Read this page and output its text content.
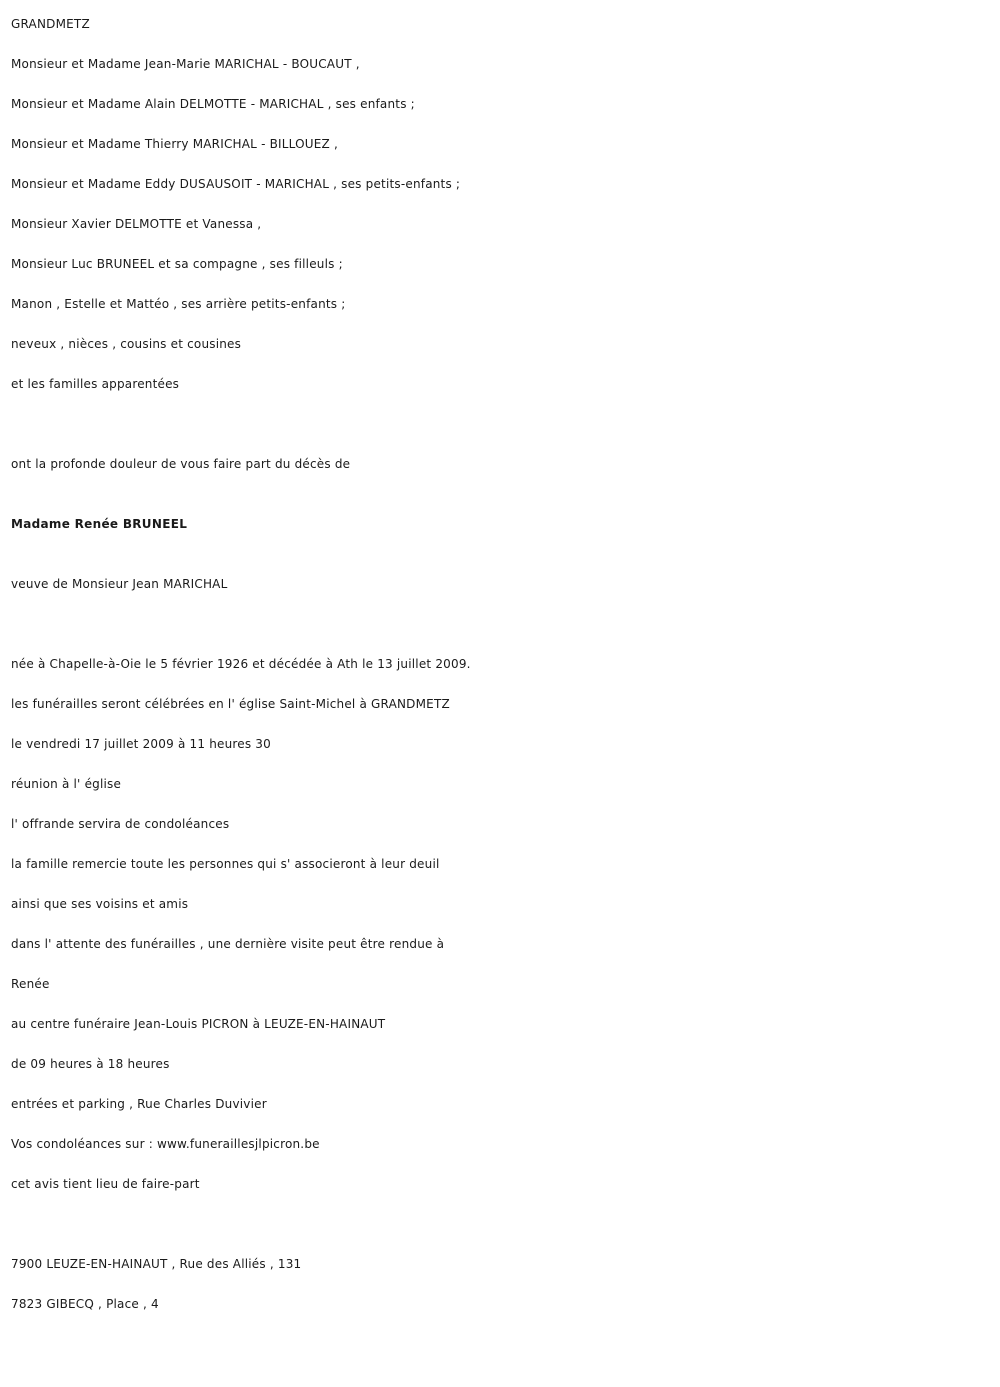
GRANDMETZ
Monsieur et Madame Jean-Marie MARICHAL - BOUCAUT ,
Monsieur et Madame Alain DELMOTTE - MARICHAL , ses enfants ;
Monsieur et Madame Thierry MARICHAL - BILLOUEZ ,
Monsieur et Madame Eddy DUSAUSOIT - MARICHAL , ses petits-enfants ;
Monsieur Xavier DELMOTTE et Vanessa ,
Monsieur Luc BRUNEEL et sa compagne , ses filleuls ;
Manon , Estelle et Mattéo , ses arrière petits-enfants ;
neveux , nièces , cousins et cousines
et les familles apparentées
ont la profonde douleur de vous faire part du décès de
Madame Renée BRUNEEL
veuve de Monsieur Jean MARICHAL
née à Chapelle-à-Oie le 5 février 1926 et décédée à Ath le 13 juillet 2009.
les funérailles seront célébrées en l' église Saint-Michel à GRANDMETZ
le vendredi 17 juillet 2009 à 11 heures 30
réunion à l' église
l' offrande servira de condoléances
la famille remercie toute les personnes qui s' associeront à leur deuil
ainsi que ses voisins et amis
dans l' attente des funérailles , une dernière visite peut être rendue à
Renée
au centre funéraire Jean-Louis PICRON à LEUZE-EN-HAINAUT
de 09 heures à 18 heures
entrées et parking , Rue Charles Duvivier
Vos condoléances sur : www.funeraillesjlpicron.be
cet avis tient lieu de faire-part
7900 LEUZE-EN-HAINAUT , Rue des Alliés , 131
7823 GIBECQ , Place , 4
